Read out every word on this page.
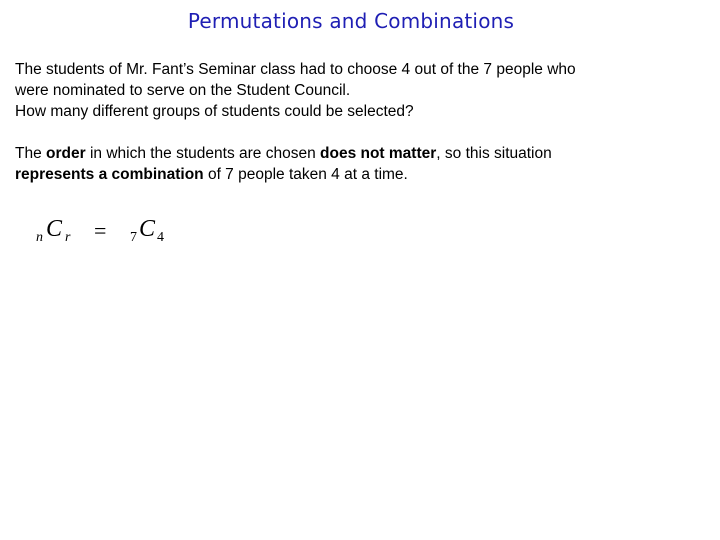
Permutations and Combinations
The students of Mr. Fant’s Seminar class had to choose 4 out of the 7 people who
were nominated to serve on the Student Council.
How many different groups of students could be selected?
The order in which the students are chosen does not matter, so this situation
represents a combination of 7 people taken 4 at a time.
n C r = 7 C 4
